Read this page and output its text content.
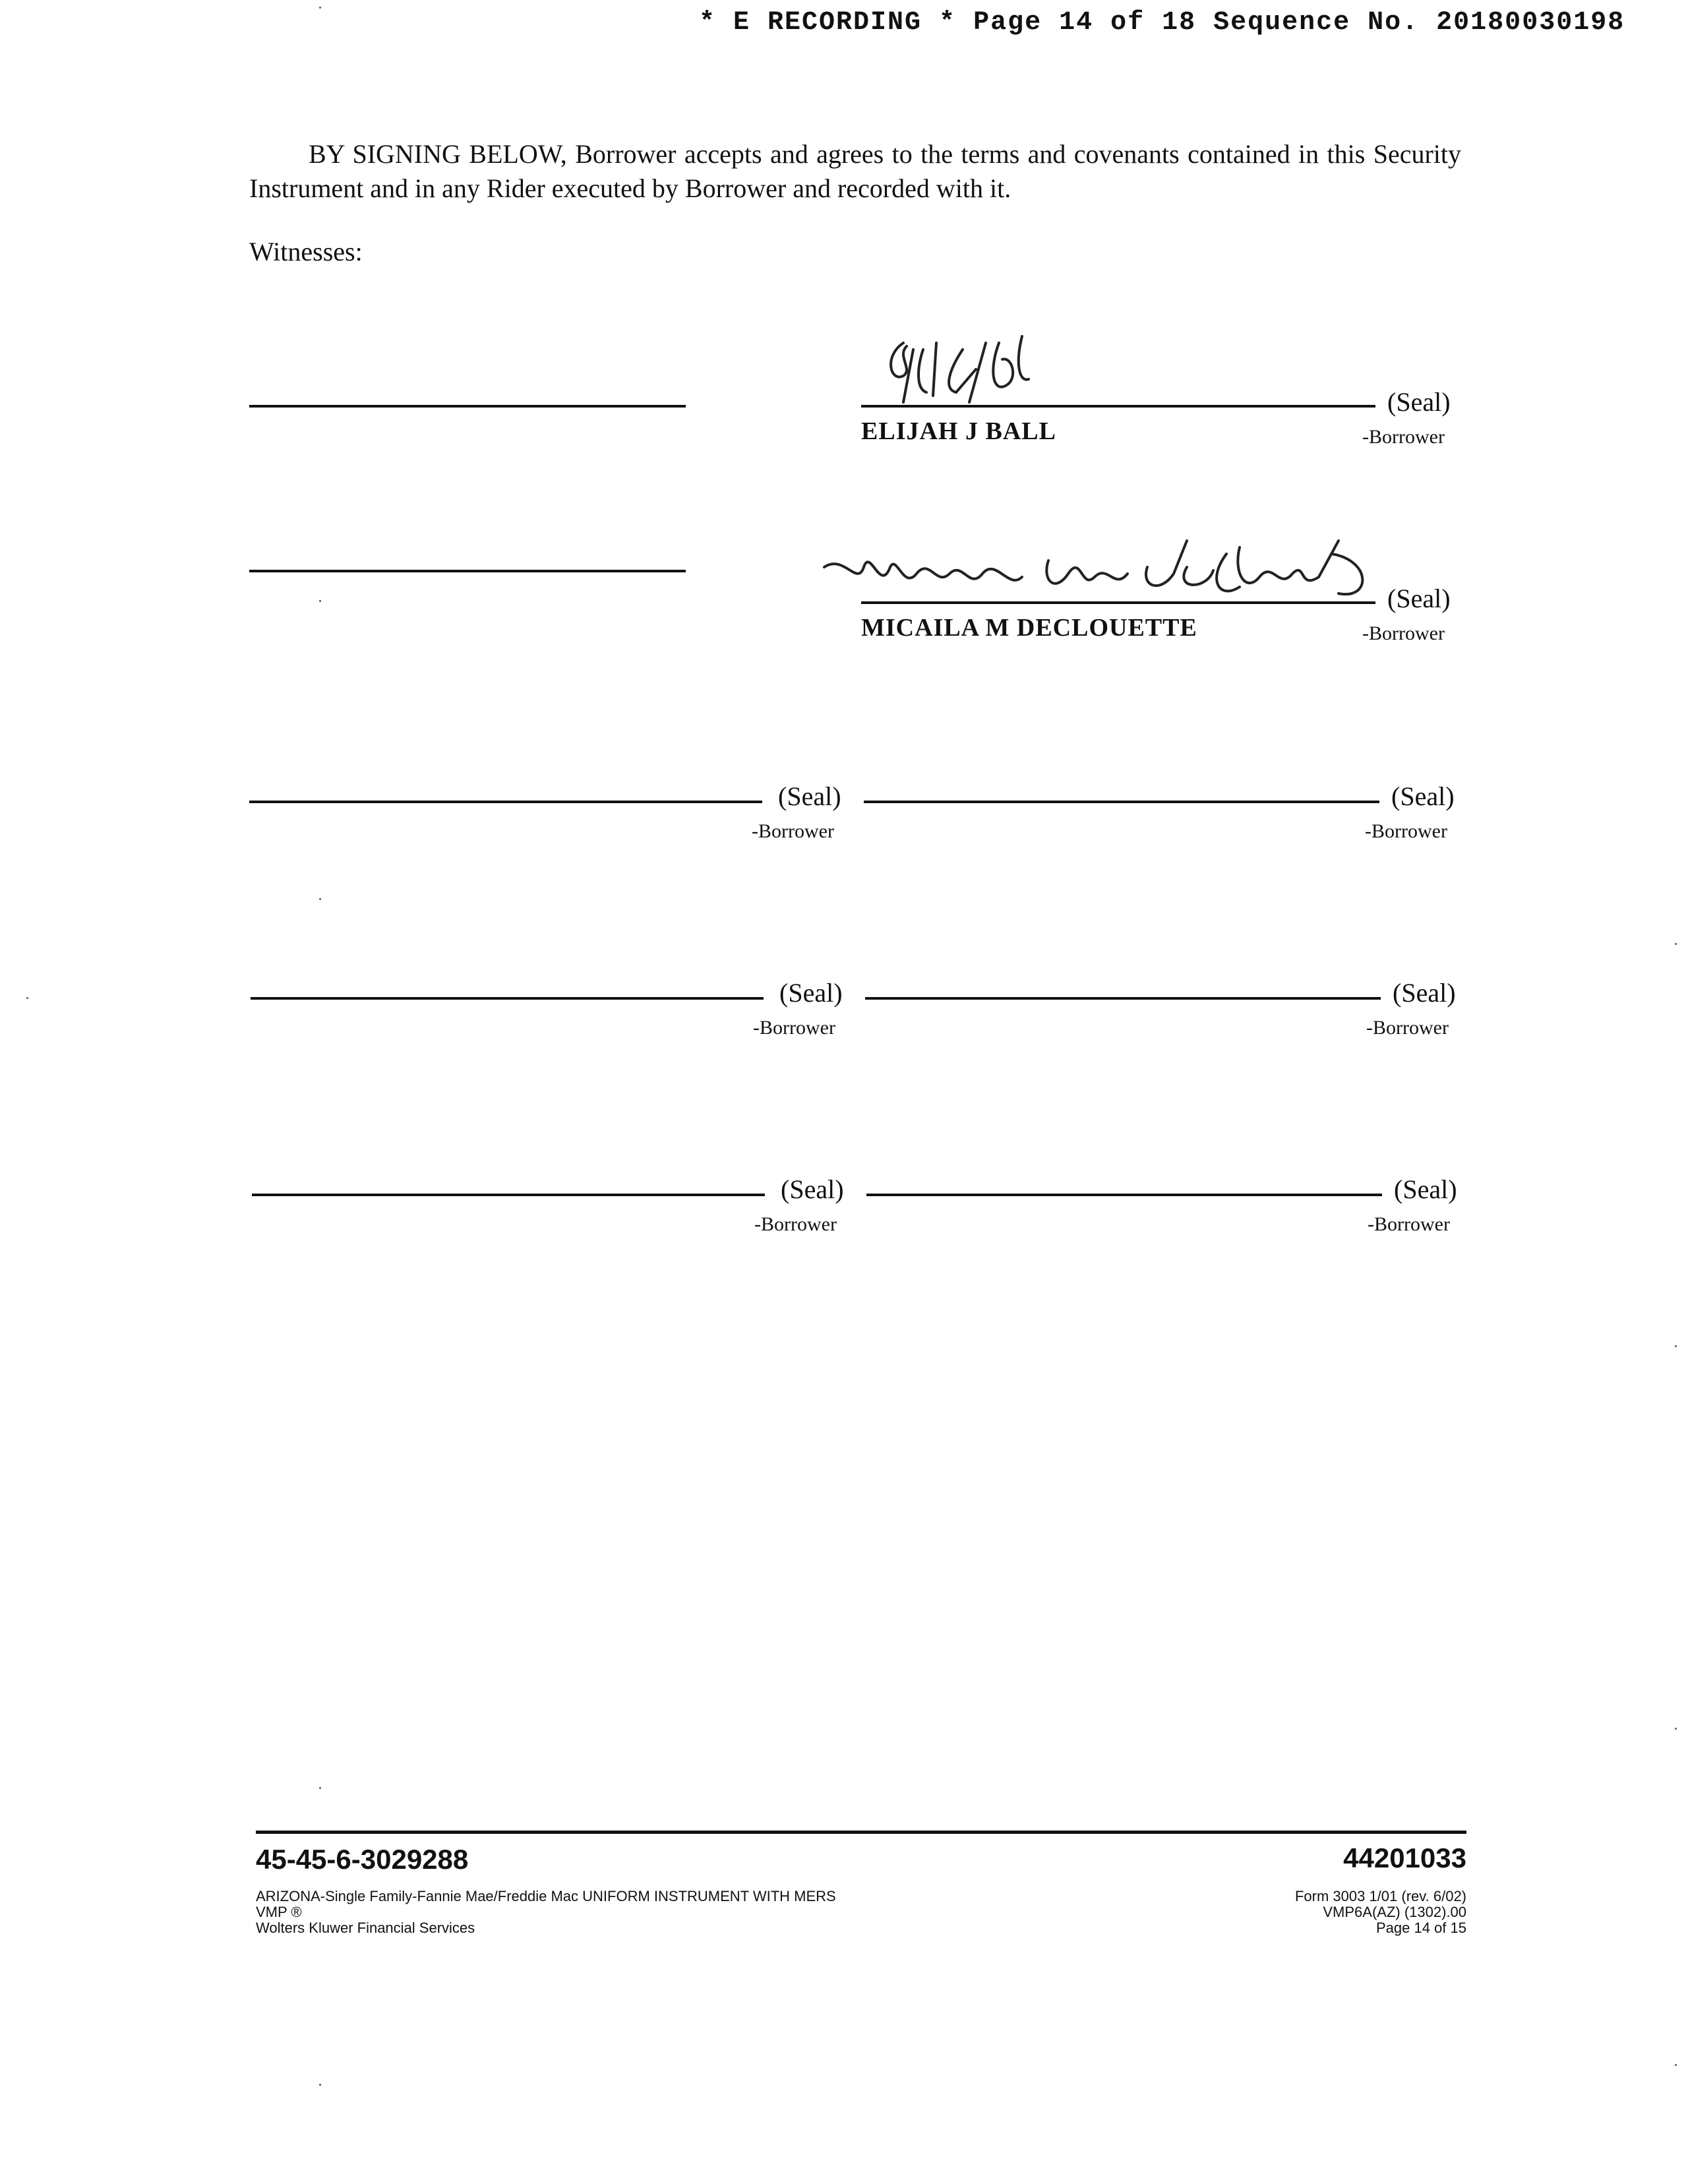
* E RECORDING * Page 14 of 18 Sequence No. 20180030198

BY SIGNING BELOW, Borrower accepts and agrees to the terms and covenants contained in this Security Instrument and in any Rider executed by Borrower and recorded with it.

Witnesses:
(Seal)
ELIJAH J BALL	-Borrower
(Seal)
MICAILA M DECLOUETTE	-Borrower
(Seal)
-Borrower
(Seal)
-Borrower
(Seal)
-Borrower
(Seal)
-Borrower
(Seal)
-Borrower
(Seal)
-Borrower
45-45-6-3029288	44201033
ARIZONA-Single Family-Fannie Mae/Freddie Mac UNIFORM INSTRUMENT WITH MERS
VMP ®
Wolters Kluwer Financial Services
Form 3003 1/01 (rev. 6/02)
VMP6A(AZ) (1302).00
Page 14 of 15
